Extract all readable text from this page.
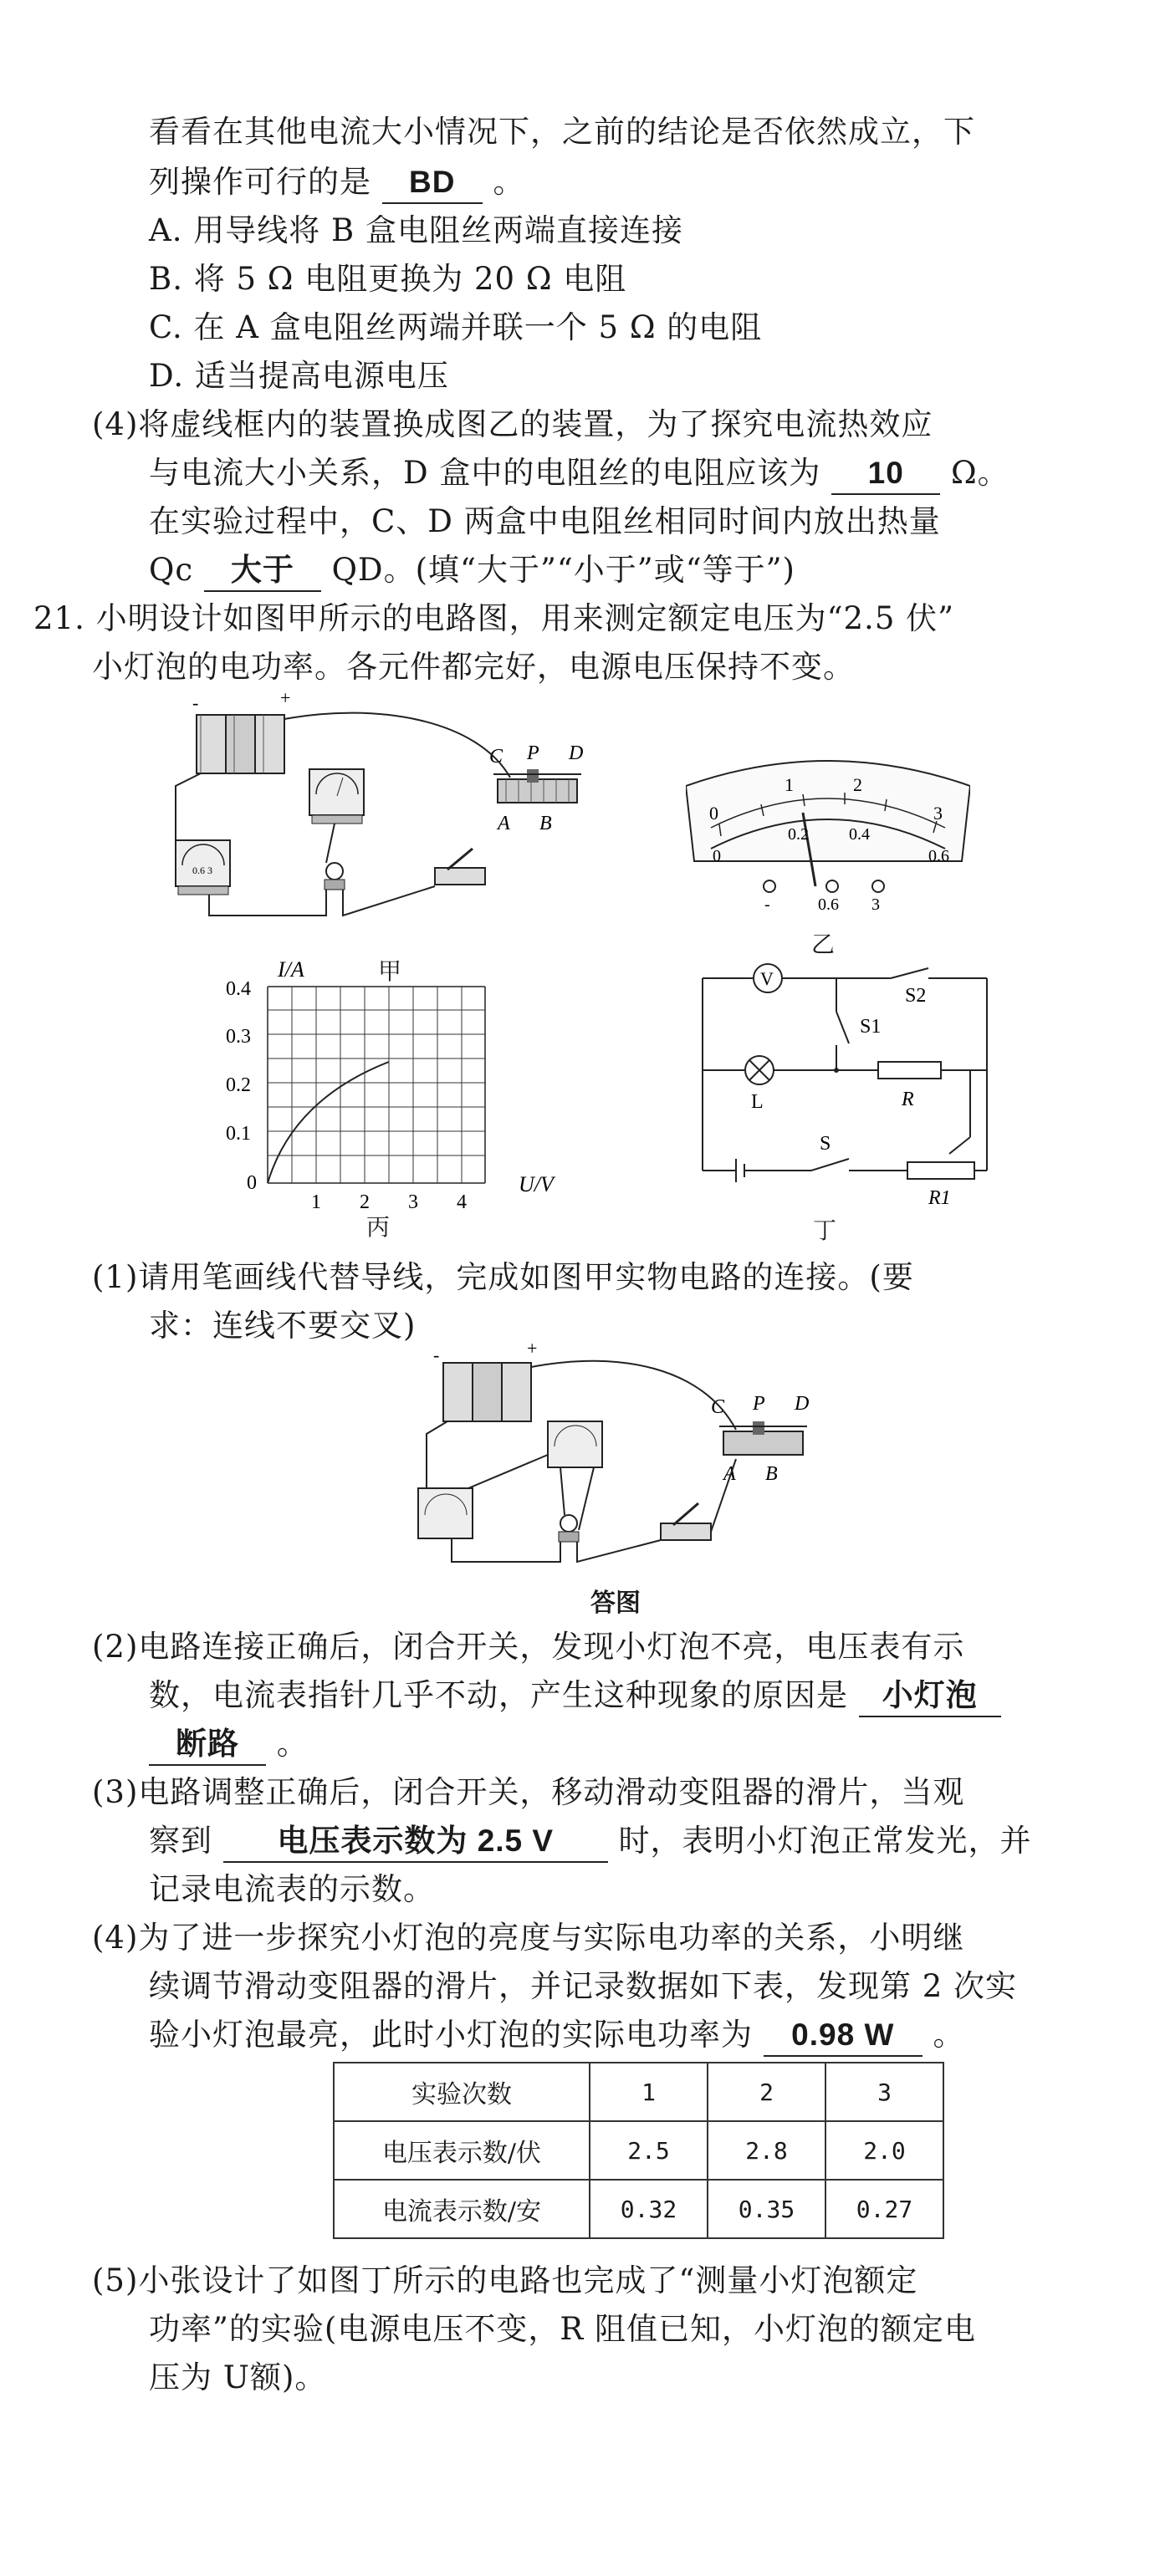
看看在其他电流大小情况下，之前的结论是否依然成立，下
列操作可行的是 BD 。
A. 用导线将 B 盒电阻丝两端直接连接
B. 将 5 Ω 电阻更换为 20 Ω 电阻
C. 在 A 盒电阻丝两端并联一个 5 Ω 的电阻
D. 适当提高电源电压
(4)将虚线框内的装置换成图乙的装置，为了探究电流热效应
与电流大小关系，D 盒中的电阻丝的电阻应该为 10 Ω。
在实验过程中，C、D 两盒中电阻丝相同时间内放出热量
Qc 大于 QD。(填“大于”“小于”或“等于”)
21. 小明设计如图甲所示的电路图，用来测定额定电压为“2.5 伏”
小灯泡的电功率。各元件都完好，电源电压保持不变。
-	+
0.6 3
C P D
A B
甲
0
1	2
3
0
0.2 0.4
0.6
-	0.6 3
乙
I/A
U/V
0.4
0.3
0.2
0.1
0
1 2 3 4
丙
V
S2
S1
L	R
S
R1
丁
(1)请用笔画线代替导线，完成如图甲实物电路的连接。(要
求：连线不要交叉)
-	+
C P D
A B
答图
(2)电路连接正确后，闭合开关，发现小灯泡不亮，电压表有示
数，电流表指针几乎不动，产生这种现象的原因是 小灯泡
断路 。
(3)电路调整正确后，闭合开关，移动滑动变阻器的滑片，当观
察到 电压表示数为 2.5 V 时，表明小灯泡正常发光，并
记录电流表的示数。
(4)为了进一步探究小灯泡的亮度与实际电功率的关系，小明继
续调节滑动变阻器的滑片，并记录数据如下表，发现第 2 次实
实验次数	1	2	3
电压表示数/伏	2.5	2.8	2.0
电流表示数/安	0.32	0.35	0.27
(5)小张设计了如图丁所示的电路也完成了“测量小灯泡额定
功率”的实验(电源电压不变，R 阻值已知，小灯泡的额定电
压为 U额)。
验小灯泡最亮，此时小灯泡的实际电功率为 0.98 W 。
